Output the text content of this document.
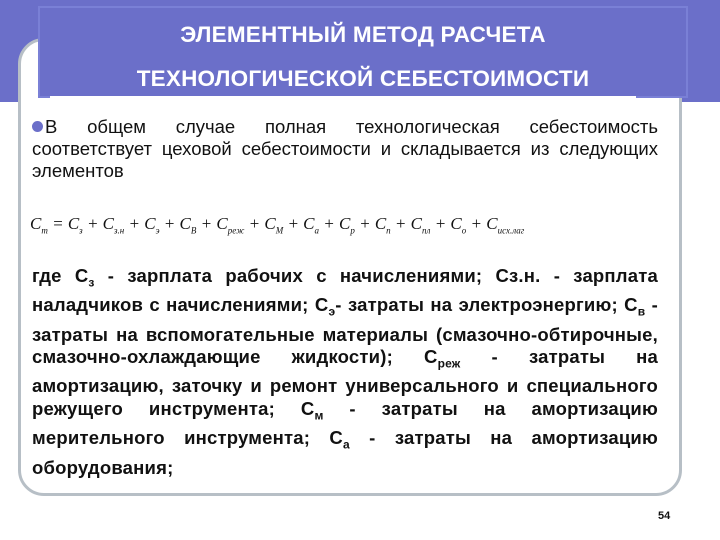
ЭЛЕМЕНТНЫЙ МЕТОД РАСЧЕТА
ТЕХНОЛОГИЧЕСКОЙ СЕБЕСТОИМОСТИ
В общем случае полная технологическая себестоимость соответствует цеховой себестоимости и складывается из следующих элементов
$C_т = C_з + C_{з.н} + C_э + C_B + C_{реж} + C_M + C_a + C_p + C_п + C_{пл} + C_o + C_{исх.лаг}$
где $С_з$ - зарплата рабочих с начислениями; Сз.н. - зарплата наладчиков с начислениями; $С_э-$ затраты на электроэнергию; $С_в$ - затраты на вспомогательные материалы (смазочно-обтирочные, смазочно-охлаждающие жидкости); $С_{реж}$ - затраты на амортизацию, заточку и ремонт универсального и специального режущего инструмента; $С_м$ - затраты на амортизацию мерительного инструмента; $С_а$ - затраты на амортизацию оборудования;
54
